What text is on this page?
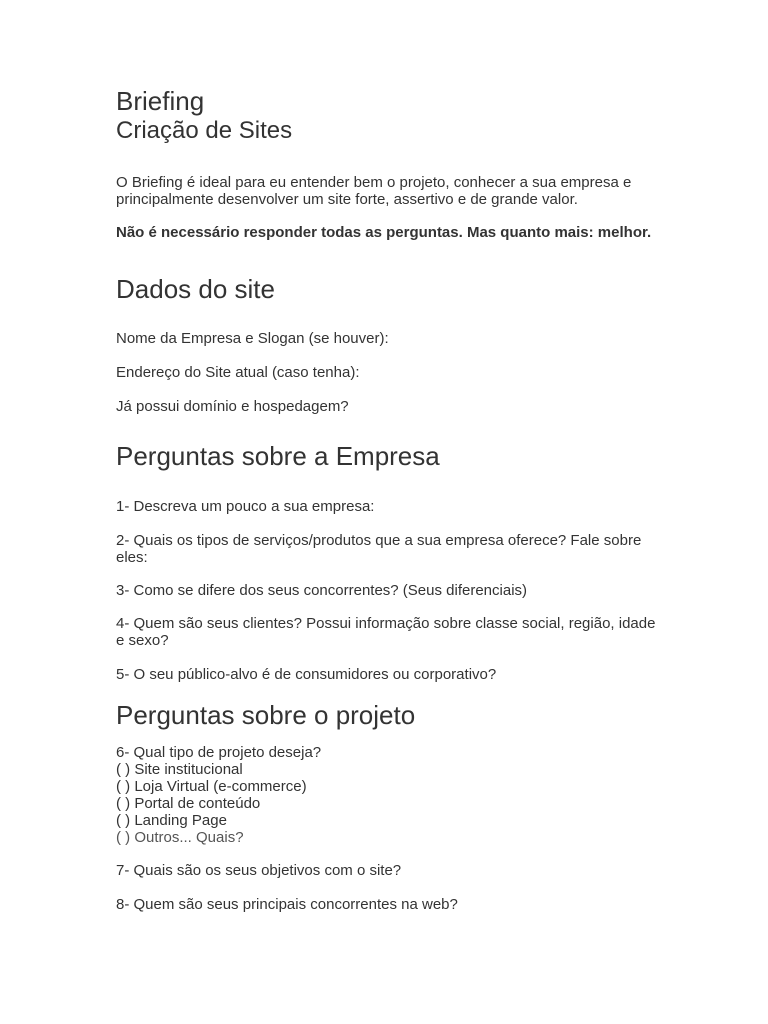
Briefing
Criação de Sites
O Briefing é ideal para eu entender bem o projeto, conhecer a sua empresa e principalmente desenvolver um site forte, assertivo e de grande valor.
Não é necessário responder todas as perguntas. Mas quanto mais: melhor.
Dados do site
Nome da Empresa e Slogan (se houver):
Endereço do Site atual (caso tenha):
Já possui domínio e hospedagem?
Perguntas sobre a Empresa
1- Descreva um pouco a sua empresa:
2- Quais os tipos de serviços/produtos que a sua empresa oferece? Fale sobre eles:
3- Como se difere dos seus concorrentes? (Seus diferenciais)
4- Quem são seus clientes? Possui informação sobre classe social, região, idade e sexo?
5- O seu público-alvo é de consumidores ou corporativo?
Perguntas sobre o projeto
6- Qual tipo de projeto deseja?
( ) Site institucional
( ) Loja Virtual (e-commerce)
( ) Portal de conteúdo
( ) Landing Page
( ) Outros... Quais?
7- Quais são os seus objetivos com o site?
8- Quem são seus principais concorrentes na web?
